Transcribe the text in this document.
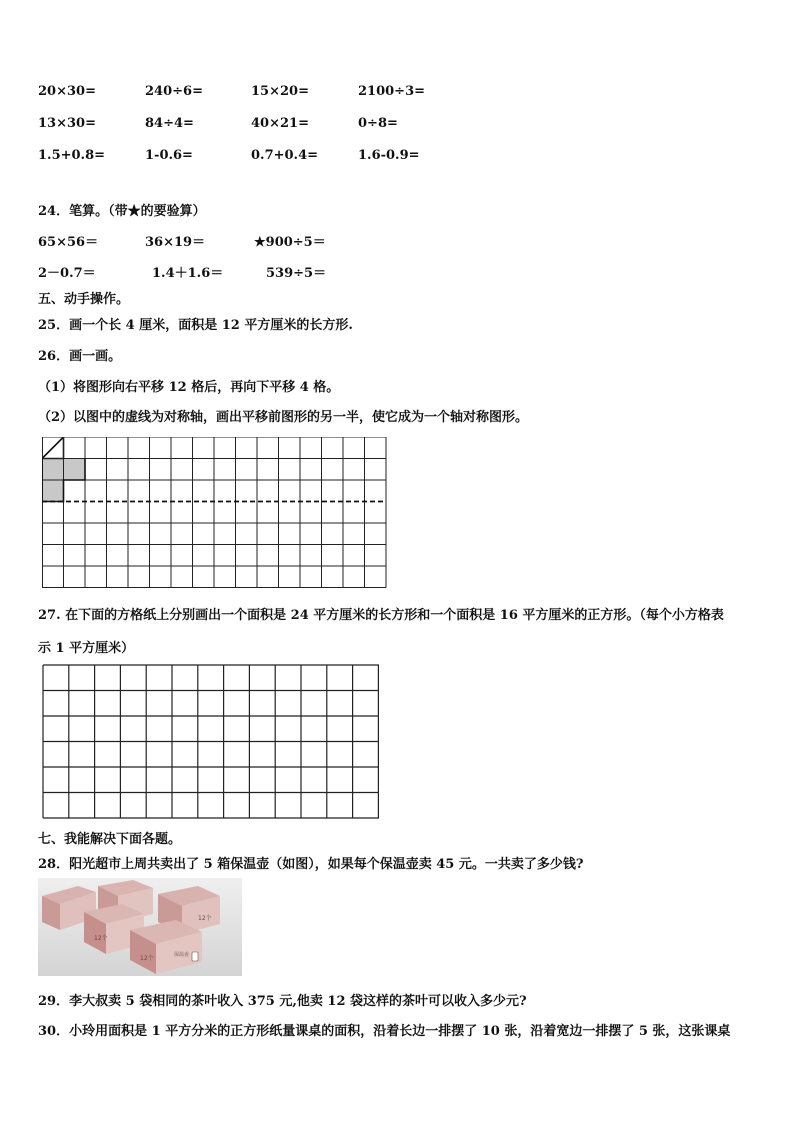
20×30=	240÷6=	15×20=	2100÷3=
13×30=	84÷4=	40×21=	0÷8=
1.5+0.8=	1-0.6=	0.7+0.4=	1.6-0.9=
24．笔算。（带★的要验算）
65×56＝	36×19＝	★900÷5＝
2－0.7＝	1.4＋1.6＝	539÷5＝
五、动手操作。
25．画一个长 4 厘米，面积是 12 平方厘米的长方形.
26．画一画。
（1）将图形向右平移 12 格后，再向下平移 4 格。
（2）以图中的虚线为对称轴，画出平移前图形的另一半，使它成为一个轴对称图形。
27. 在下面的方格纸上分别画出一个面积是 24 平方厘米的长方形和一个面积是 16 平方厘米的正方形。（每个小方格表
示 1 平方厘米）
七、我能解决下面各题。
28．阳光超市上周共卖出了 5 箱保温壶（如图），如果每个保温壶卖 45 元。一共卖了多少钱?
12个
12个
12个	保温壶
29．李大叔卖 5 袋相同的茶叶收入 375 元,他卖 12 袋这样的茶叶可以收入多少元?
30．小玲用面积是 1 平方分米的正方形纸量课桌的面积，沿着长边一排摆了 10 张，沿着宽边一排摆了 5 张，这张课桌
